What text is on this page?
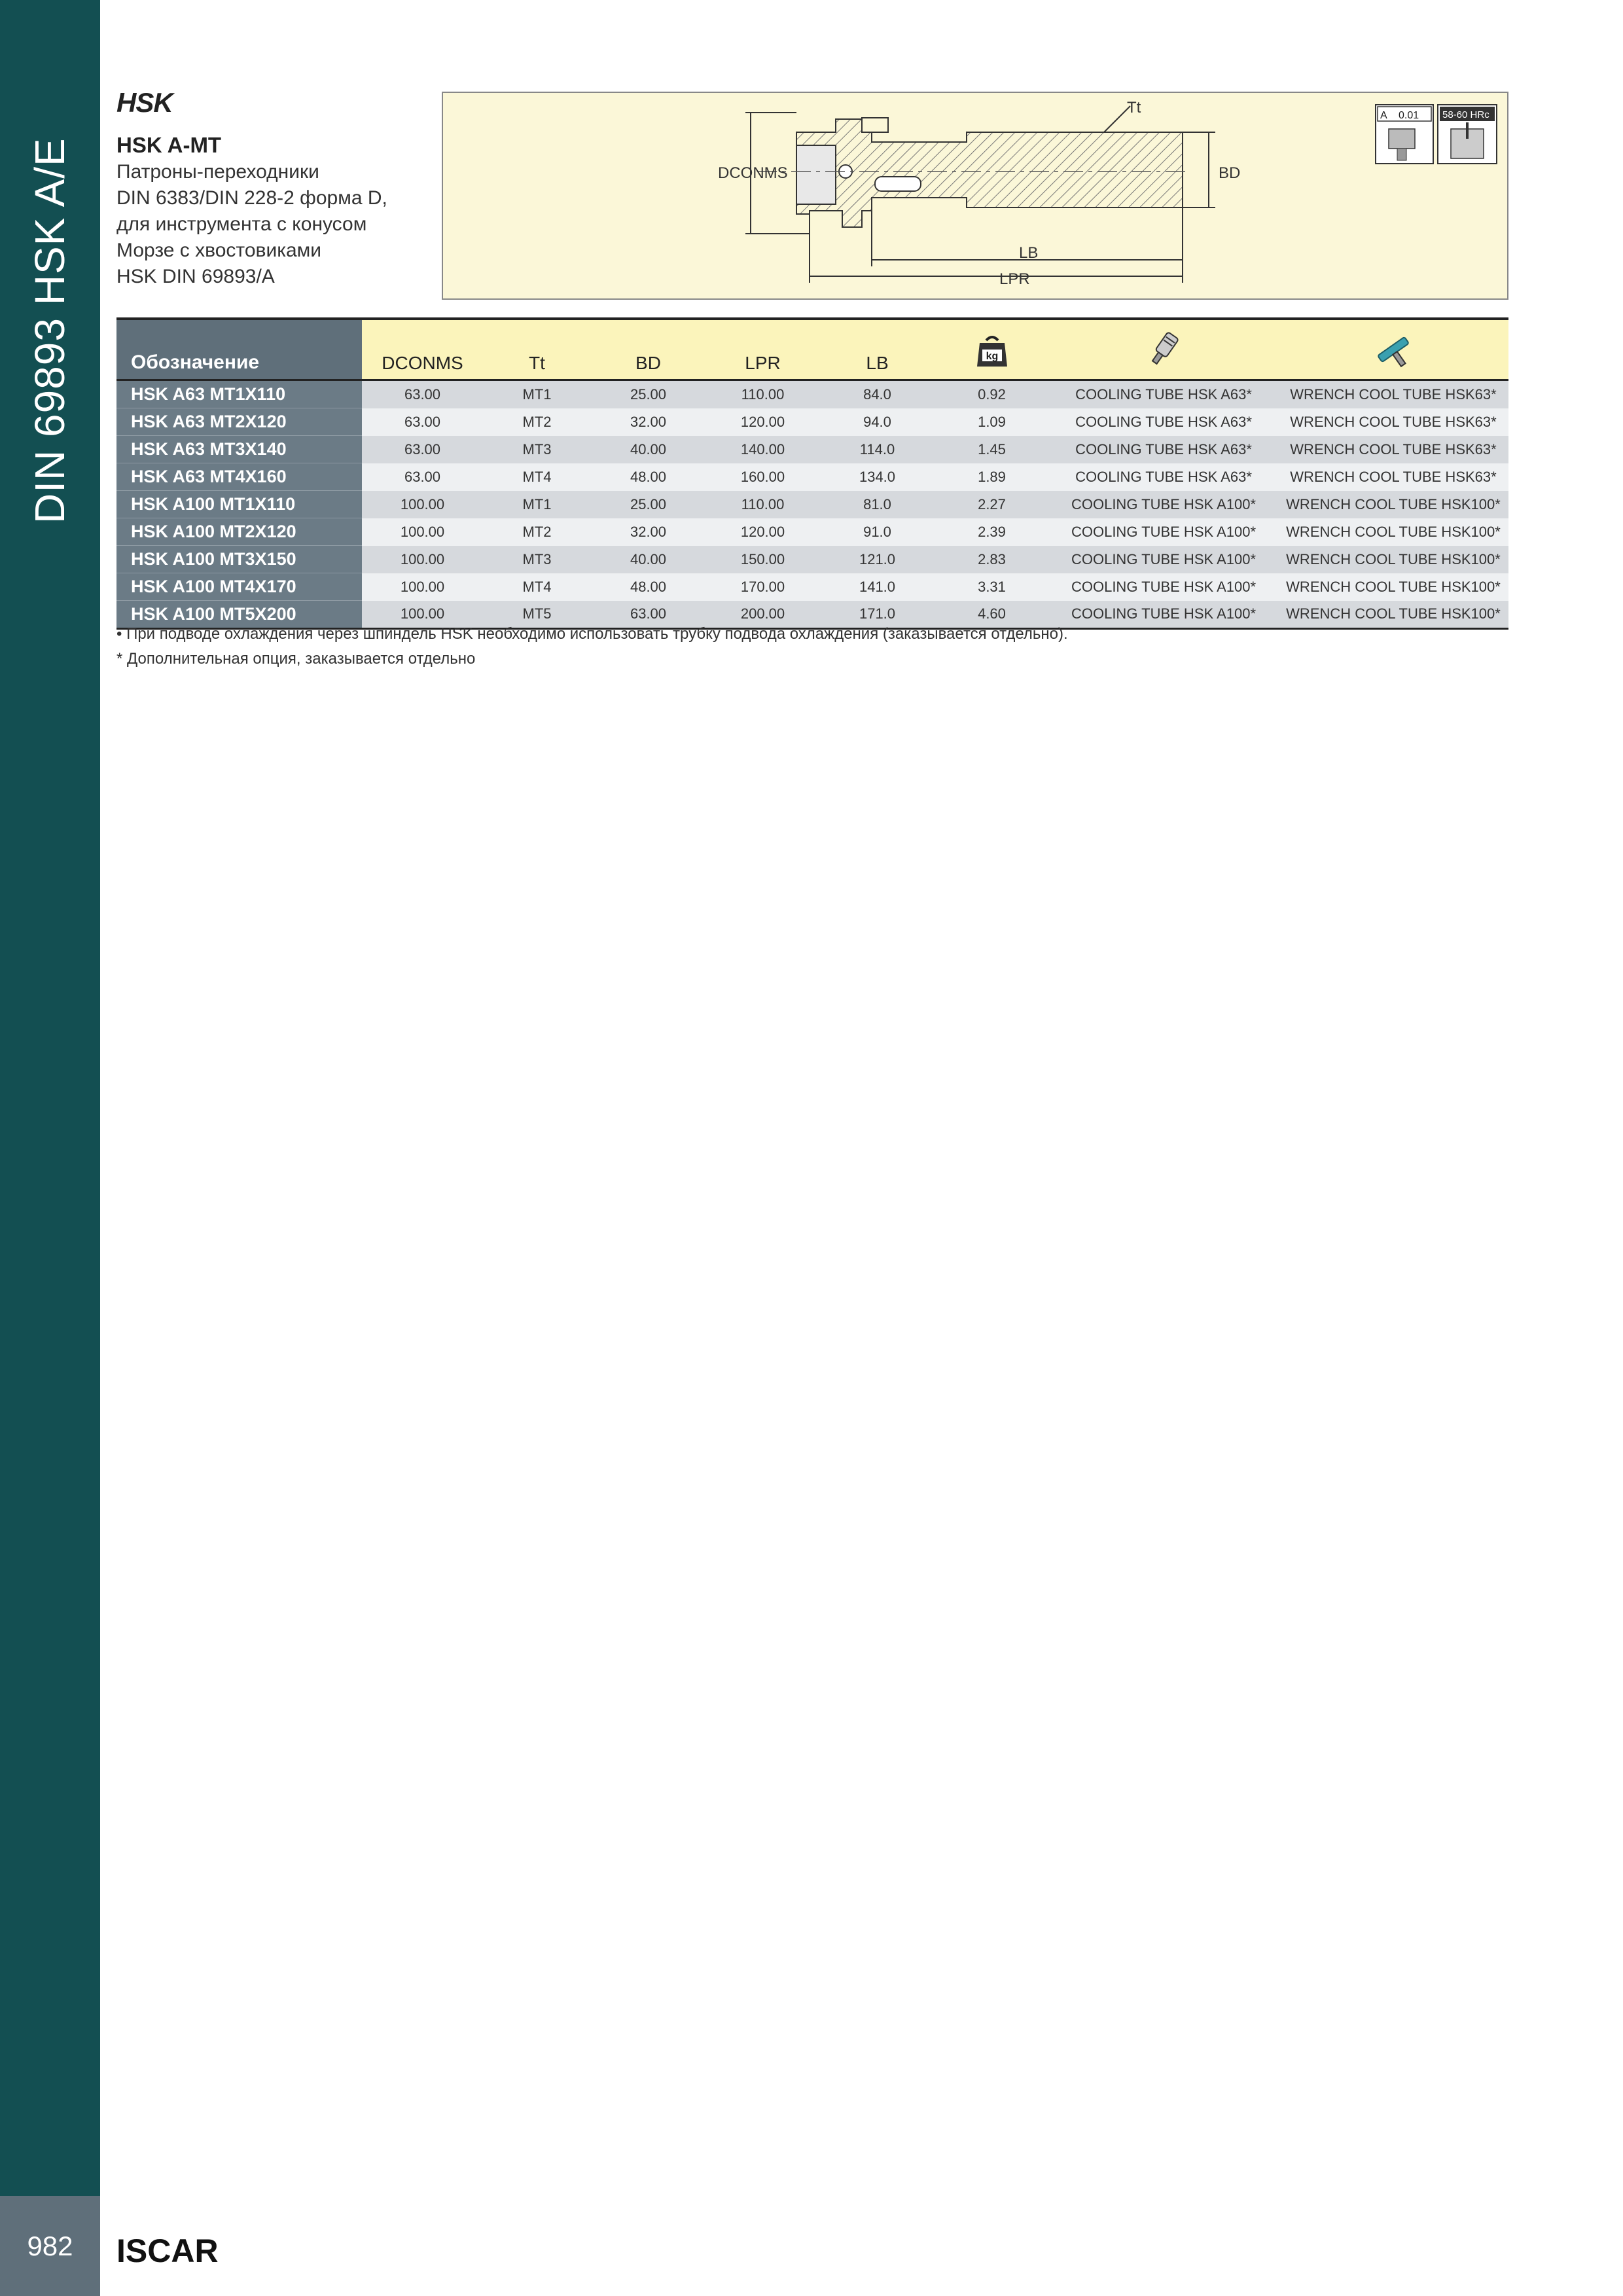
DIN 69893 HSK A/E
982	ISCAR
HSK
HSK A-MT
Патроны-переходники
DIN 6383/DIN 228-2 форма D,
для инструмента с конусом
Морзе с хвостовиками
HSK DIN 69893/A
DCONMS	BD
Tt
LB
LPR
A 0.01 58-60 HRc
Обозначение	DCONMS	Tt	BD	LPR	LB	kg

HSK A63 MT1X110	63.00	MT1	25.00	110.00	84.0	0.92	COOLING TUBE HSK A63*	WRENCH COOL TUBE HSK63*
HSK A63 MT2X120	63.00	MT2	32.00	120.00	94.0	1.09	COOLING TUBE HSK A63*	WRENCH COOL TUBE HSK63*
HSK A63 MT3X140	63.00	MT3	40.00	140.00	114.0	1.45	COOLING TUBE HSK A63*	WRENCH COOL TUBE HSK63*
HSK A63 MT4X160	63.00	MT4	48.00	160.00	134.0	1.89	COOLING TUBE HSK A63*	WRENCH COOL TUBE HSK63*
HSK A100 MT1X110	100.00	MT1	25.00	110.00	81.0	2.27	COOLING TUBE HSK A100*	WRENCH COOL TUBE HSK100*
HSK A100 MT2X120	100.00	MT2	32.00	120.00	91.0	2.39	COOLING TUBE HSK A100*	WRENCH COOL TUBE HSK100*
HSK A100 MT3X150	100.00	MT3	40.00	150.00	121.0	2.83	COOLING TUBE HSK A100*	WRENCH COOL TUBE HSK100*
HSK A100 MT4X170	100.00	MT4	48.00	170.00	141.0	3.31	COOLING TUBE HSK A100*	WRENCH COOL TUBE HSK100*
HSK A100 MT5X200	100.00	MT5	63.00	200.00	171.0	4.60	COOLING TUBE HSK A100*	WRENCH COOL TUBE HSK100*
• При подводе охлаждения через шпиндель HSK необходимо использовать трубку подвода охлаждения (заказывается отдельно).
* Дополнительная опция, заказывается отдельно
